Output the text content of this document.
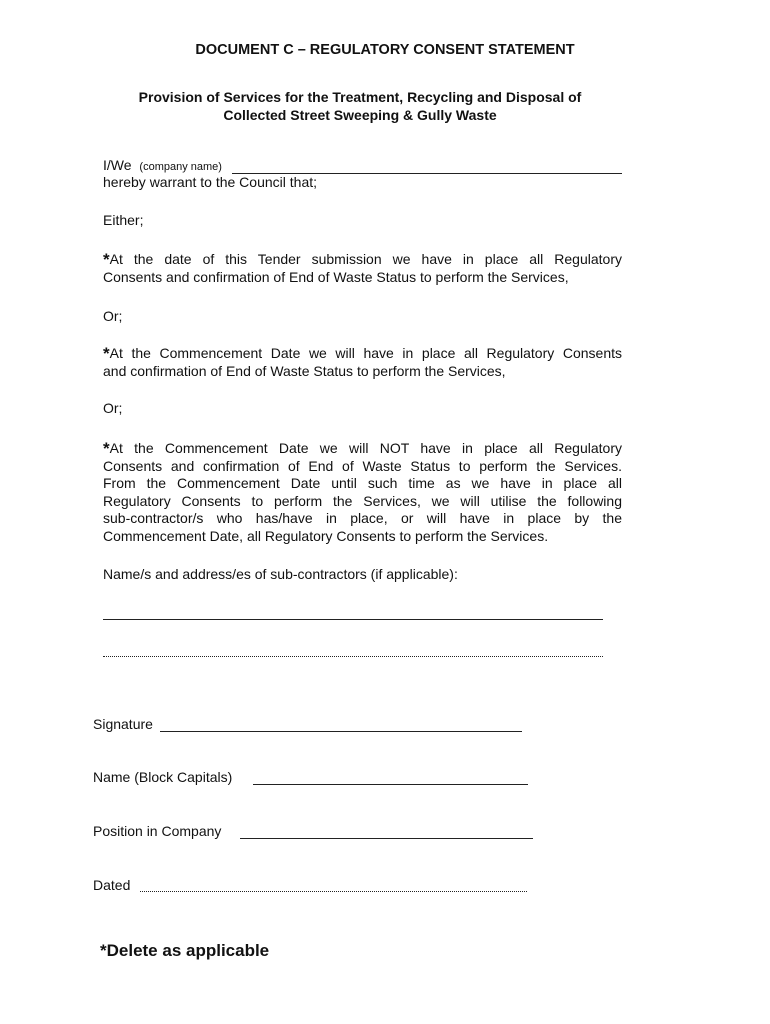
DOCUMENT C – REGULATORY CONSENT STATEMENT
Provision of Services for the Treatment, Recycling and Disposal of
Collected Street Sweeping & Gully Waste
I/We (company name)
hereby warrant to the Council that;
Either;
*At the date of this Tender submission we have in place all Regulatory
Consents and confirmation of End of Waste Status to perform the Services,
Or;
*At the Commencement Date we will have in place all Regulatory Consents
and confirmation of End of Waste Status to perform the Services,
Or;
*At the Commencement Date we will NOT have in place all Regulatory
Consents and confirmation of End of Waste Status to perform the Services.
From the Commencement Date until such time as we have in place all
Regulatory Consents to perform the Services, we will utilise the following
sub-contractor/s who has/have in place, or will have in place by the
Commencement Date, all Regulatory Consents to perform the Services.
Name/s and address/es of sub-contractors (if applicable):
Signature
Name (Block Capitals)
Position in Company
Dated
*Delete as applicable
